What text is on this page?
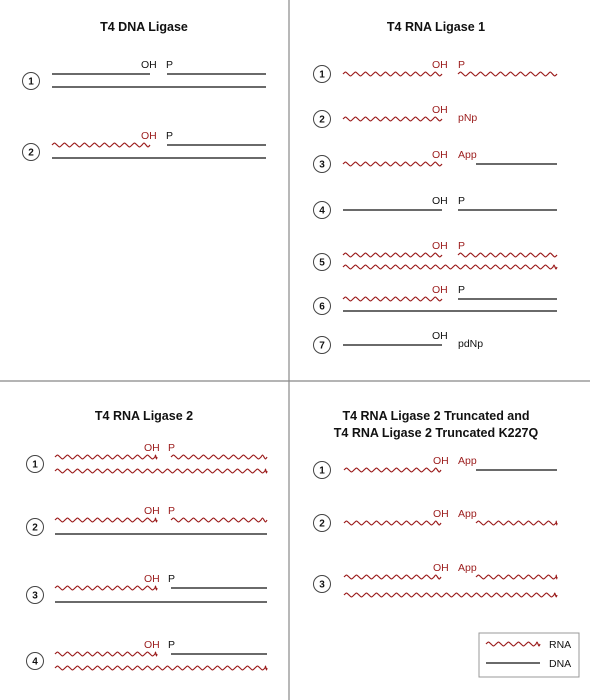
T4 DNA Ligase
1
OH P
2
OH P
T4 RNA Ligase 1
1
OH P
2
OH
pNp
3
OH App
4
OH P
5
OH P
6
OH P
7
OH
pdNp
T4 RNA Ligase 2
1
OH P
2
OH P
3
OH P
4
OH P
T4 RNA Ligase 2 Truncated and
T4 RNA Ligase 2 Truncated K227Q
1
OH App
2
OH App
3
OH App
RNA
DNA
